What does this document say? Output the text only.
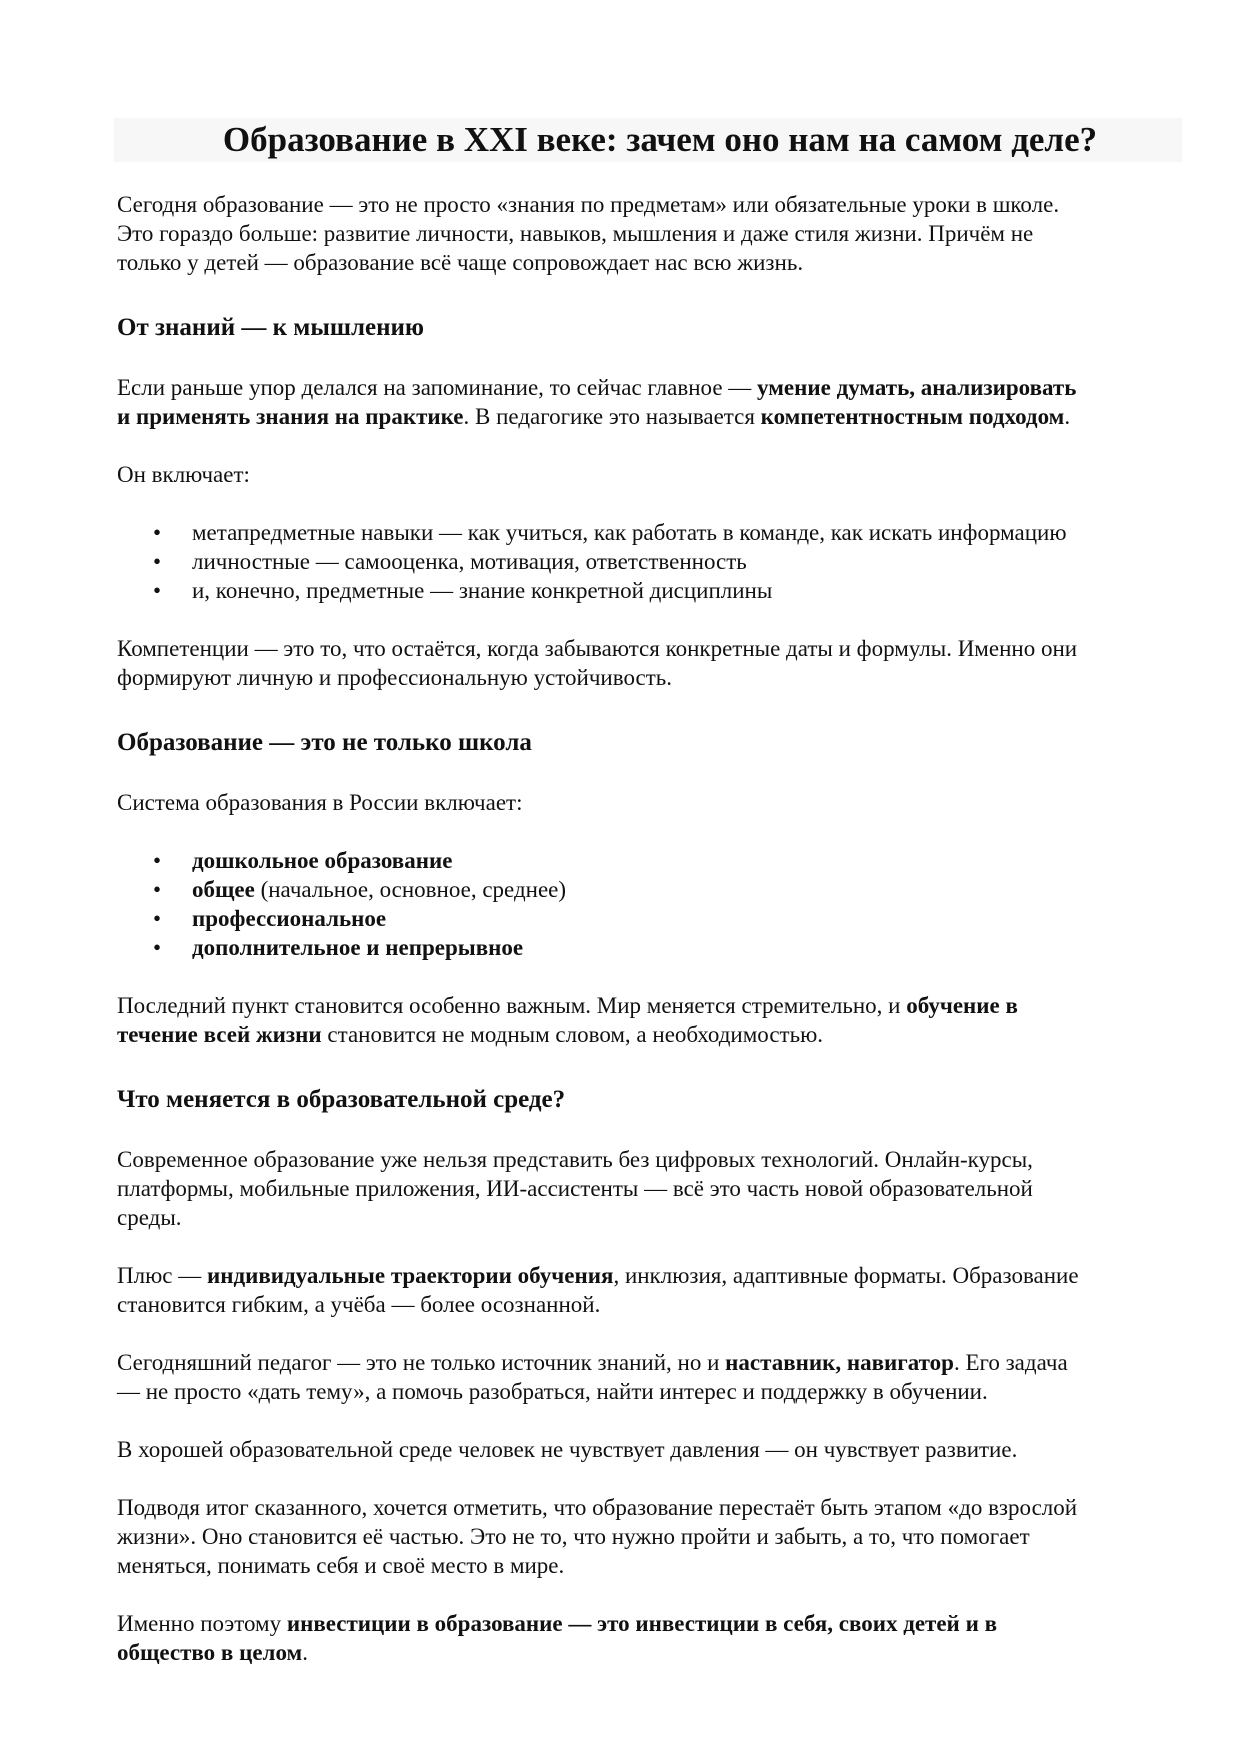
Образование в XXI веке: зачем оно нам на самом деле?

Сегодня образование — это не просто «знания по предметам» или обязательные уроки в школе.
Это гораздо больше: развитие личности, навыков, мышления и даже стиля жизни. Причём не
только у детей — образование всё чаще сопровождает нас всю жизнь.

От знаний — к мышлению

Если раньше упор делался на запоминание, то сейчас главное — умение думать, анализировать
и применять знания на практике. В педагогике это называется компетентностным подходом.

Он включает:

• метапредметные навыки — как учиться, как работать в команде, как искать информацию
• личностные — самооценка, мотивация, ответственность
• и, конечно, предметные — знание конкретной дисциплины

Компетенции — это то, что остаётся, когда забываются конкретные даты и формулы. Именно они
формируют личную и профессиональную устойчивость.

Образование — это не только школа

Система образования в России включает:

• дошкольное образование
• общее (начальное, основное, среднее)
• профессиональное
• дополнительное и непрерывное

Последний пункт становится особенно важным. Мир меняется стремительно, и обучение в
течение всей жизни становится не модным словом, а необходимостью.

Что меняется в образовательной среде?

Современное образование уже нельзя представить без цифровых технологий. Онлайн-курсы,
платформы, мобильные приложения, ИИ-ассистенты — всё это часть новой образовательной
среды.

Плюс — индивидуальные траектории обучения, инклюзия, адаптивные форматы. Образование
становится гибким, а учёба — более осознанной.

Сегодняшний педагог — это не только источник знаний, но и наставник, навигатор. Его задача
— не просто «дать тему», а помочь разобраться, найти интерес и поддержку в обучении.

В хорошей образовательной среде человек не чувствует давления — он чувствует развитие.

Подводя итог сказанного, хочется отметить, что образование перестаёт быть этапом «до взрослой
жизни». Оно становится её частью. Это не то, что нужно пройти и забыть, а то, что помогает
меняться, понимать себя и своё место в мире.

Именно поэтому инвестиции в образование — это инвестиции в себя, своих детей и в
общество в целом.
